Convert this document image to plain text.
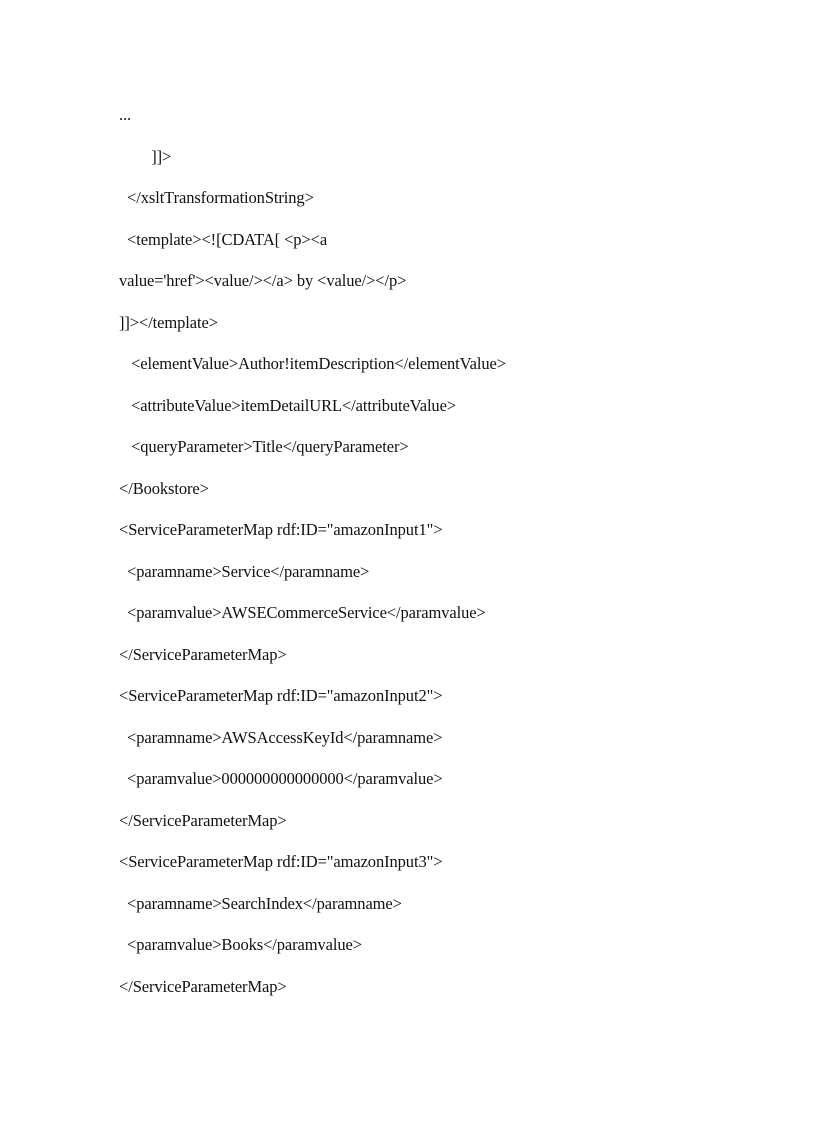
...

]]>

</xsltTransformationString>

<template><![CDATA[ <p><a

value='href'><value/></a> by <value/></p>

]]></template>

<elementValue>Author!itemDescription</elementValue>

<attributeValue>itemDetailURL</attributeValue>

<queryParameter>Title</queryParameter>

</Bookstore>

<ServiceParameterMap rdf:ID="amazonInput1">

<paramname>Service</paramname>

<paramvalue>AWSECommerceService</paramvalue>

</ServiceParameterMap>

<ServiceParameterMap rdf:ID="amazonInput2">

<paramname>AWSAccessKeyId</paramname>

<paramvalue>000000000000000</paramvalue>

</ServiceParameterMap>

<ServiceParameterMap rdf:ID="amazonInput3">

<paramname>SearchIndex</paramname>

<paramvalue>Books</paramvalue>

</ServiceParameterMap>
